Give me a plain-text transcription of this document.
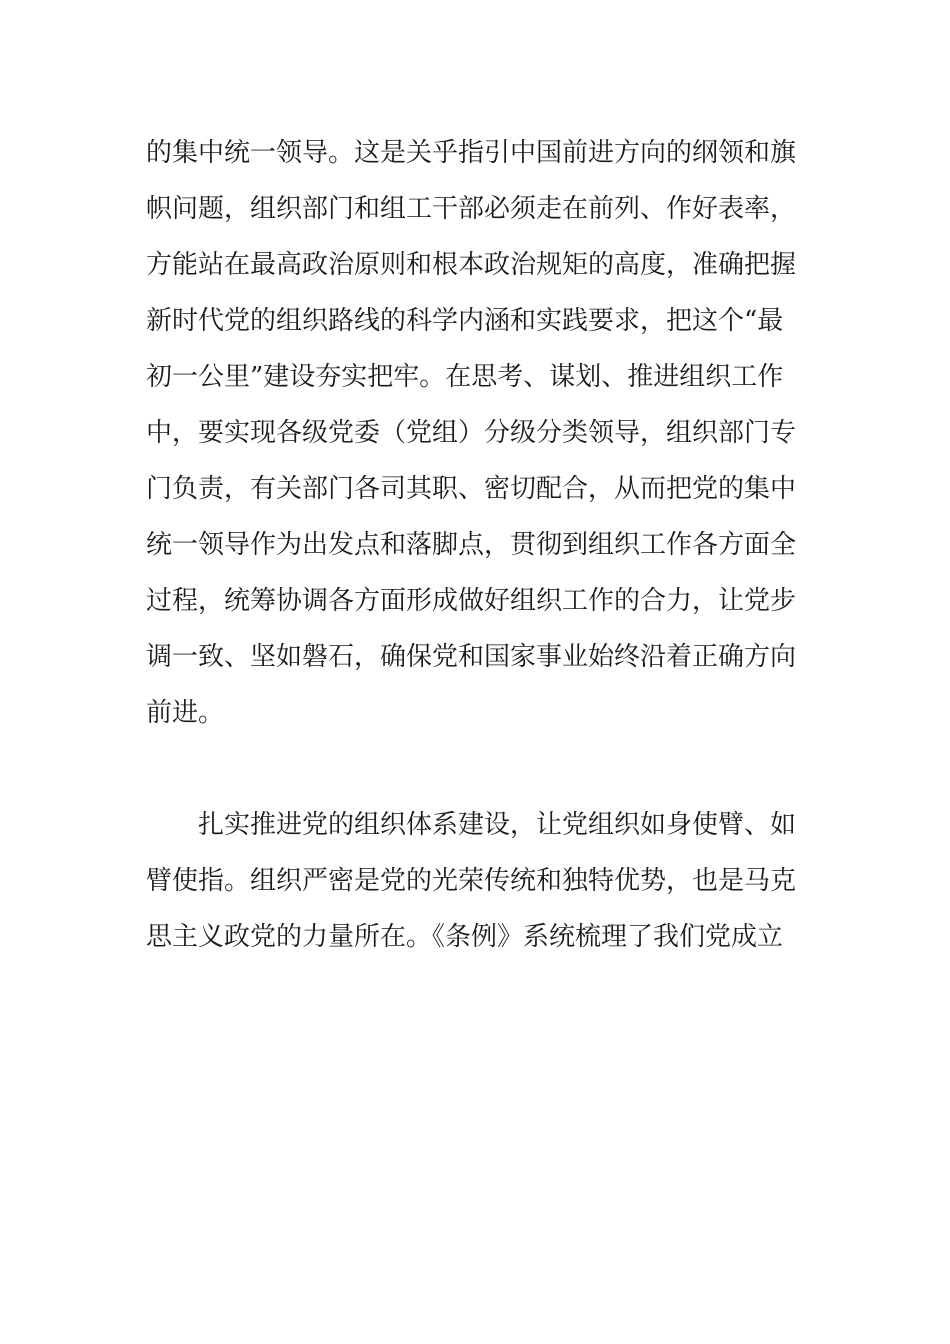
的集中统一领导。这是关乎指引中国前进方向的纲领和旗
帜问题，组织部门和组工干部必须走在前列、作好表率，
方能站在最高政治原则和根本政治规矩的高度，准确把握
新时代党的组织路线的科学内涵和实践要求，把这个“最
初一公里”建设夯实把牢。在思考、谋划、推进组织工作
中，要实现各级党委（党组）分级分类领导，组织部门专
门负责，有关部门各司其职、密切配合，从而把党的集中
统一领导作为出发点和落脚点，贯彻到组织工作各方面全
过程，统筹协调各方面形成做好组织工作的合力，让党步
调一致、坚如磐石，确保党和国家事业始终沿着正确方向
前进。
扎实推进党的组织体系建设，让党组织如身使臂、如
臂使指。组织严密是党的光荣传统和独特优势，也是马克
思主义政党的力量所在。《条例》系统梳理了我们党成立
